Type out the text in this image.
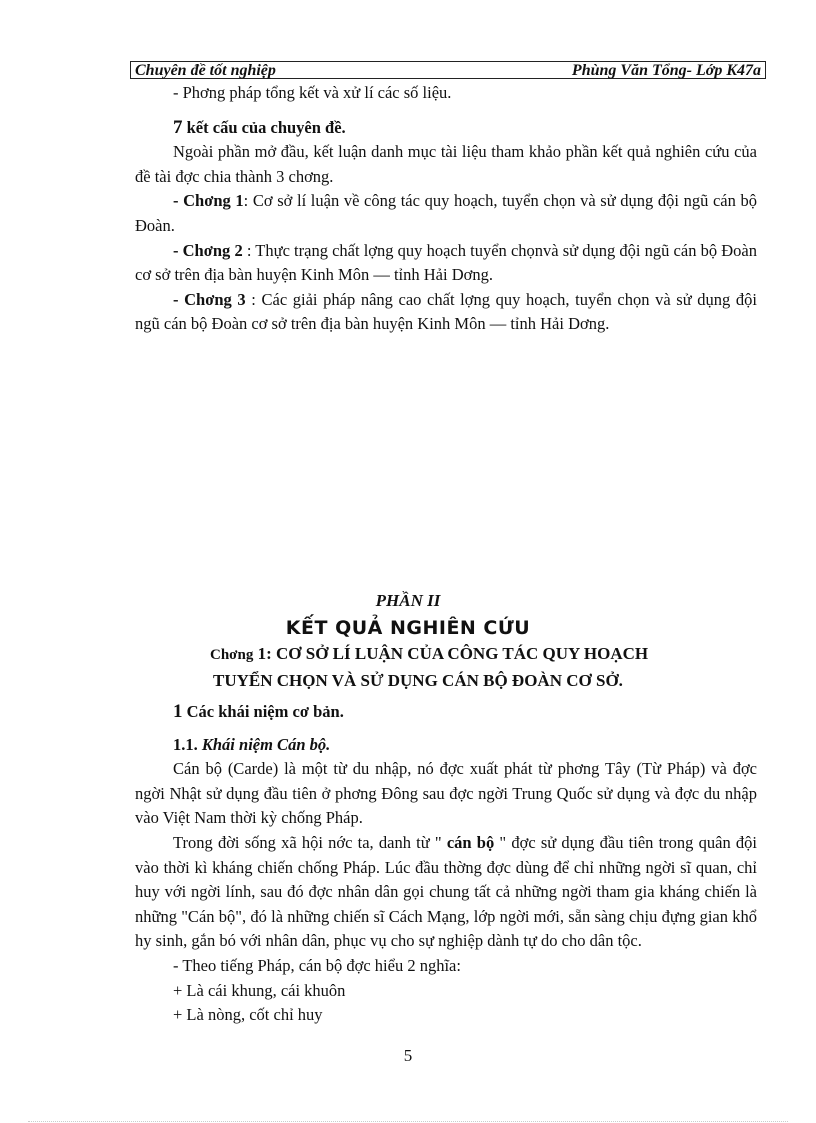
Chuyên đề tốt nghiệp	Phùng Văn Tổng- Lớp K47a

- Phơng pháp tổng kết và xử lí các số liệu.

7 kết cấu của chuyên đề.

Ngoài phần mở đầu, kết luận danh mục tài liệu tham khảo phần kết quả nghiên cứu của đề tài đợc chia thành 3 chơng.

- Chơng 1: Cơ sở lí luận về công tác quy hoạch, tuyển chọn và sử dụng đội ngũ cán bộ Đoàn.

- Chơng 2 : Thực trạng chất lợng quy hoạch tuyển chọnvà sử dụng đội ngũ cán bộ Đoàn cơ sở trên địa bàn huyện Kinh Môn — tỉnh Hải Dơng.

- Chơng 3 : Các giải pháp nâng cao chất lợng quy hoạch, tuyển chọn và sử dụng đội ngũ cán bộ Đoàn cơ sở trên địa bàn huyện Kinh Môn — tỉnh Hải Dơng.

PHẦN II
KẾT QUẢ NGHIÊN CỨU
Chơng 1: CƠ SỞ LÍ LUẬN CỦA CÔNG TÁC QUY HOẠCH
TUYỂN CHỌN VÀ SỬ DỤNG CÁN BỘ ĐOÀN CƠ SỞ.

1 Các khái niệm cơ bản.

1.1. Khái niệm Cán bộ.

Cán bộ (Carde) là một từ du nhập, nó đợc xuất phát từ phơng Tây (Từ Pháp) và đợc ngời Nhật sử dụng đầu tiên ở phơng Đông sau đợc ngời Trung Quốc sử dụng và đợc du nhập vào Việt Nam thời kỳ chống Pháp.

Trong đời sống xã hội nớc ta, danh từ " cán bộ " đợc sử dụng đầu tiên trong quân đội vào thời kì kháng chiến chống Pháp. Lúc đầu thờng đợc dùng để chỉ những ngời sĩ quan, chỉ huy với ngời lính, sau đó đợc nhân dân gọi chung tất cả những ngời tham gia kháng chiến là những "Cán bộ", đó là những chiến sĩ Cách Mạng, lớp ngời mới, sẵn sàng chịu đựng gian khổ hy sinh, gắn bó với nhân dân, phục vụ cho sự nghiệp dành tự do cho dân tộc.

- Theo tiếng Pháp, cán bộ đợc hiểu 2 nghĩa:

+ Là cái khung, cái khuôn

+ Là nòng, cốt chỉ huy

5
